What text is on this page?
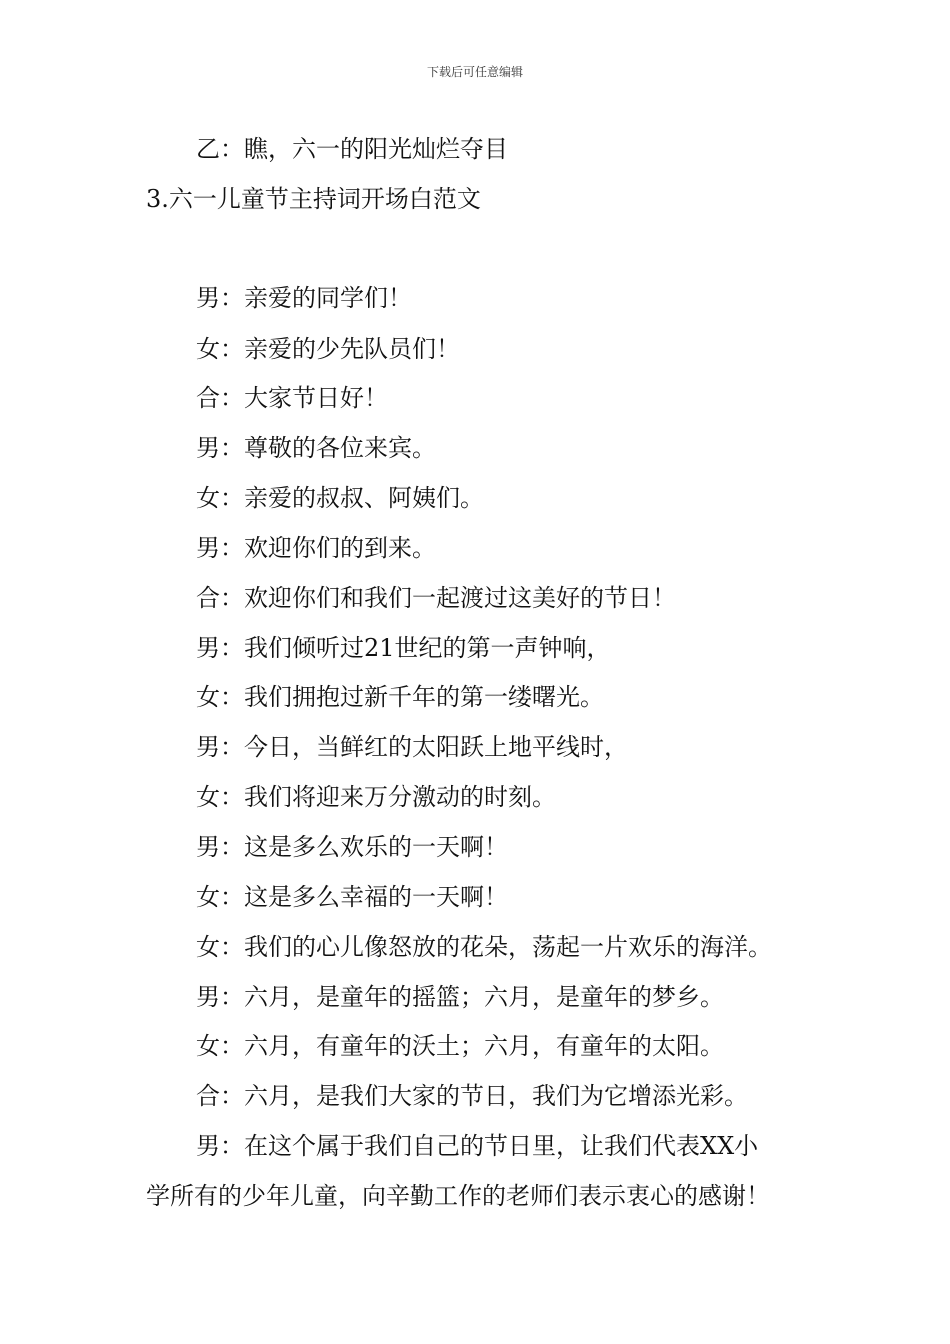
下载后可任意编辑
乙：瞧，六一的阳光灿烂夺目
3.六一儿童节主持词开场白范文
男：亲爱的同学们！
女：亲爱的少先队员们！
合：大家节日好！
男：尊敬的各位来宾。
女：亲爱的叔叔、阿姨们。
男：欢迎你们的到来。
合：欢迎你们和我们一起渡过这美好的节日！
男：我们倾听过21世纪的第一声钟响，
女：我们拥抱过新千年的第一缕曙光。
男：今日，当鲜红的太阳跃上地平线时，
女：我们将迎来万分激动的时刻。
男：这是多么欢乐的一天啊！
女：这是多么幸福的一天啊！
女：我们的心儿像怒放的花朵，荡起一片欢乐的海洋。
男：六月，是童年的摇篮；六月，是童年的梦乡。
女：六月，有童年的沃土；六月，有童年的太阳。
合：六月，是我们大家的节日，我们为它增添光彩。
男：在这个属于我们自己的节日里，让我们代表XX小
学所有的少年儿童，向辛勤工作的老师们表示衷心的感谢！
